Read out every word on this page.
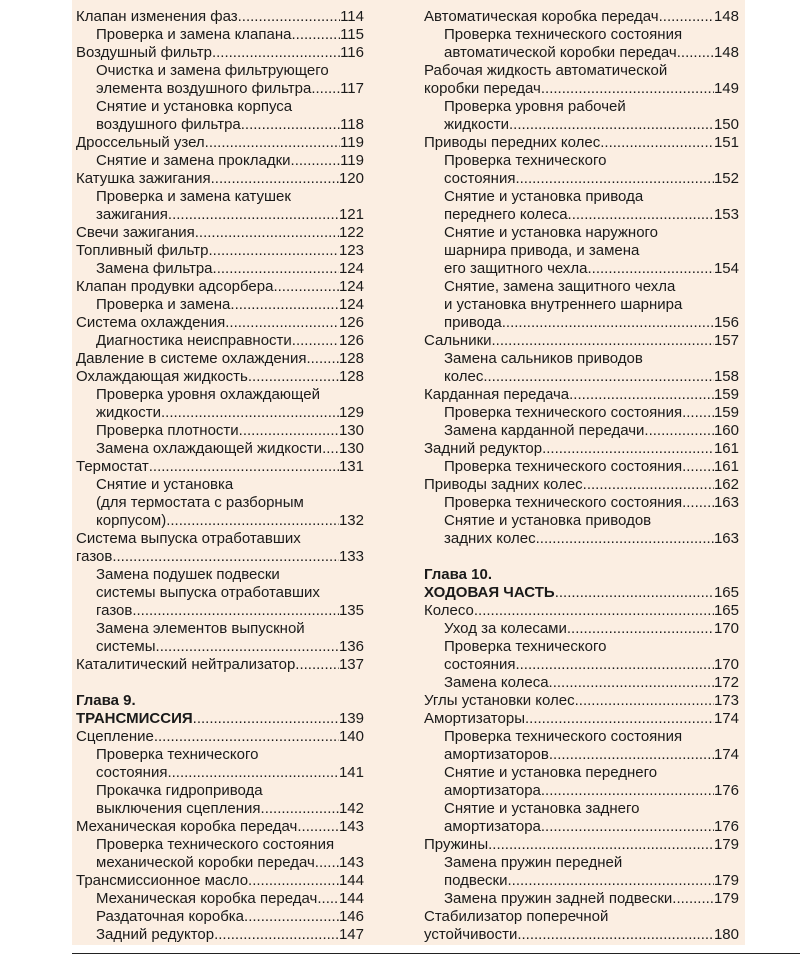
Клапан изменения фаз .....	114
Проверка и замена клапана .....	115
Воздушный фильтр .....	116
Очистка и замена фильтрующего
элемента воздушного фильтра ..... 117
Снятие и установка корпуса
воздушного фильтра .....	118
Дроссельный узел .....	119
Снятие и замена прокладки .....	119
Катушка зажигания .....	120
Проверка и замена катушек
зажигания .....	121
Свечи зажигания .....	122
Топливный фильтр .....	123
Замена фильтра .....	124
Клапан продувки адсорбера .....	124
Проверка и замена .....	124
Система охлаждения .....	126
Диагностика неисправности .....	126
Давление в системе охлаждения ..... 128
Охлаждающая жидкость .....	128
Проверка уровня охлаждающей
жидкости .....	129
Проверка плотности .....	130
Замена охлаждающей жидкости ..... 130
Термостат .....	131
Снятие и установка
(для термостата с разборным
корпусом) .....	132
Система выпуска отработавших
газов .....	133
Замена подушек подвески
системы выпуска отработавших
газов .....	135
Замена элементов выпускной
системы .....	136
Каталитический нейтрализатор .....	137
Глава 9.
ТРАНСМИССИЯ .....	139
Сцепление .....	140
Проверка технического
состояния .....	141
Прокачка гидропривода
выключения сцепления .....	142
Механическая коробка передач .....	143
Проверка технического состояния
механической коробки передач ..... 143
Трансмиссионное масло .....	144
Механическая коробка передач ..... 144
Раздаточная коробка .....	146
Задний редуктор .....	147
Автоматическая коробка передач .....	148
Проверка технического состояния
автоматической коробки передач ..... 148
Рабочая жидкость автоматической
коробки передач .....	149
Проверка уровня рабочей
жидкости .....	150
Приводы передних колес .....	151
Проверка технического
состояния .....	152
Снятие и установка привода
переднего колеса .....	153
Снятие и установка наружного
шарнира привода, и замена
его защитного чехла .....	154
Снятие, замена защитного чехла
и установка внутреннего шарнира
привода .....	156
Сальники .....	157
Замена сальников приводов
колес .....	158
Карданная передача .....	159
Проверка технического состояния ..... 159
Замена карданной передачи .....	160
Задний редуктор .....	161
Проверка технического состояния ..... 161
Приводы задних колес .....	162
Проверка технического состояния ..... 163
Снятие и установка приводов
задних колес .....	163
Глава 10.
ХОДОВАЯ ЧАСТЬ .....	165
Колесо .....	165
Уход за колесами .....	170
Проверка технического
состояния .....	170
Замена колеса .....	172
Углы установки колес .....	173
Амортизаторы .....	174
Проверка технического состояния
амортизаторов .....	174
Снятие и установка переднего
амортизатора .....	176
Снятие и установка заднего
амортизатора .....	176
Пружины .....	179
Замена пружин передней
подвески .....	179
Замена пружин задней подвески .....	179
Стабилизатор поперечной
устойчивости .....	180
